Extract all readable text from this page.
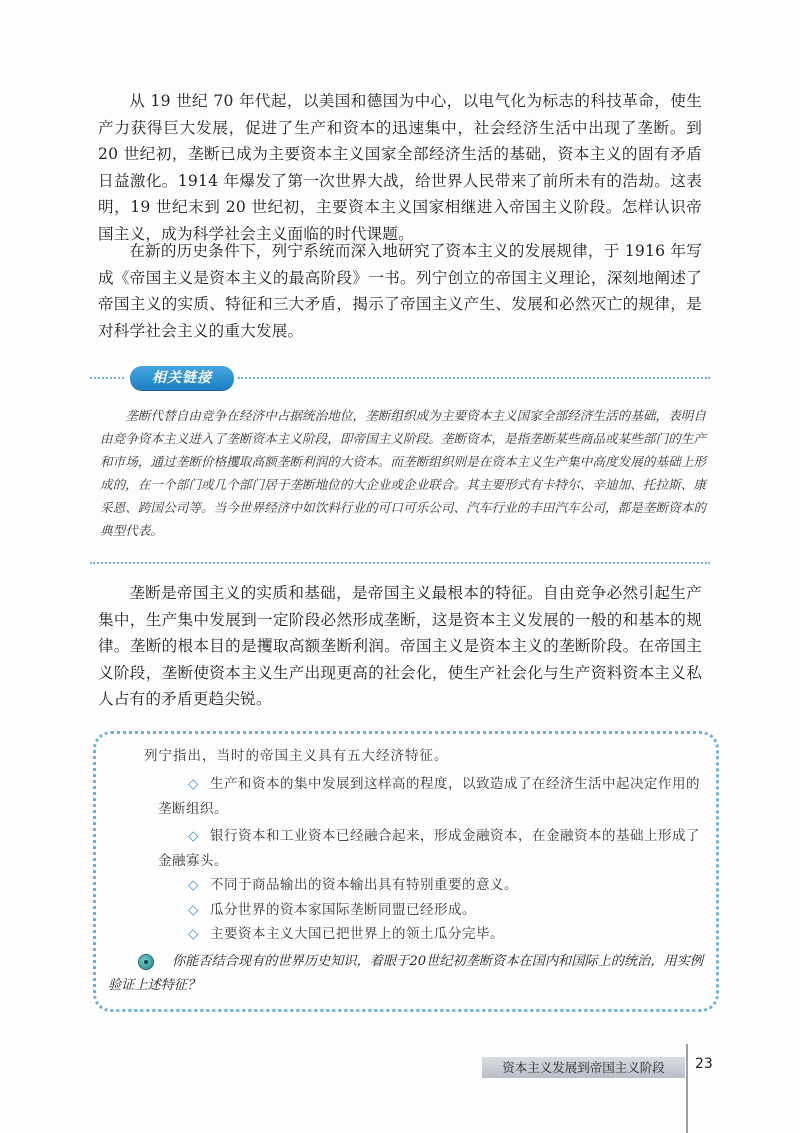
从 19 世纪 70 年代起，以美国和德国为中心，以电气化为标志的科技革命，使生产力获得巨大发展，促进了生产和资本的迅速集中，社会经济生活中出现了垄断。到 20 世纪初，垄断已成为主要资本主义国家全部经济生活的基础，资本主义的固有矛盾日益激化。1914 年爆发了第一次世界大战，给世界人民带来了前所未有的浩劫。这表明，19 世纪末到 20 世纪初，主要资本主义国家相继进入帝国主义阶段。怎样认识帝国主义，成为科学社会主义面临的时代课题。

在新的历史条件下，列宁系统而深入地研究了资本主义的发展规律，于 1916 年写成《帝国主义是资本主义的最高阶段》一书。列宁创立的帝国主义理论，深刻地阐述了帝国主义的实质、特征和三大矛盾，揭示了帝国主义产生、发展和必然灭亡的规律，是对科学社会主义的重大发展。

相关链接

垄断代替自由竞争在经济中占据统治地位，垄断组织成为主要资本主义国家全部经济生活的基础，表明自由竞争资本主义进入了垄断资本主义阶段，即帝国主义阶段。垄断资本，是指垄断某些商品或某些部门的生产和市场，通过垄断价格攫取高额垄断利润的大资本。而垄断组织则是在资本主义生产集中高度发展的基础上形成的，在一个部门或几个部门居于垄断地位的大企业或企业联合。其主要形式有卡特尔、辛迪加、托拉斯、康采恩、跨国公司等。当今世界经济中如饮料行业的可口可乐公司、汽车行业的丰田汽车公司，都是垄断资本的典型代表。

垄断是帝国主义的实质和基础，是帝国主义最根本的特征。自由竞争必然引起生产集中，生产集中发展到一定阶段必然形成垄断，这是资本主义发展的一般的和基本的规律。垄断的根本目的是攫取高额垄断利润。帝国主义是资本主义的垄断阶段。在帝国主义阶段，垄断使资本主义生产出现更高的社会化，使生产社会化与生产资料资本主义私人占有的矛盾更趋尖锐。

列宁指出，当时的帝国主义具有五大经济特征。

◇ 生产和资本的集中发展到这样高的程度，以致造成了在经济生活中起决定作用的垄断组织。

◇ 银行资本和工业资本已经融合起来，形成金融资本，在金融资本的基础上形成了金融寡头。

◇ 不同于商品输出的资本输出具有特别重要的意义。

◇ 瓜分世界的资本家国际垄断同盟已经形成。

◇ 主要资本主义大国已把世界上的领土瓜分完毕。

你能否结合现有的世界历史知识，着眼于20世纪初垄断资本在国内和国际上的统治，用实例验证上述特征？

资本主义发展到帝国主义阶段	23
